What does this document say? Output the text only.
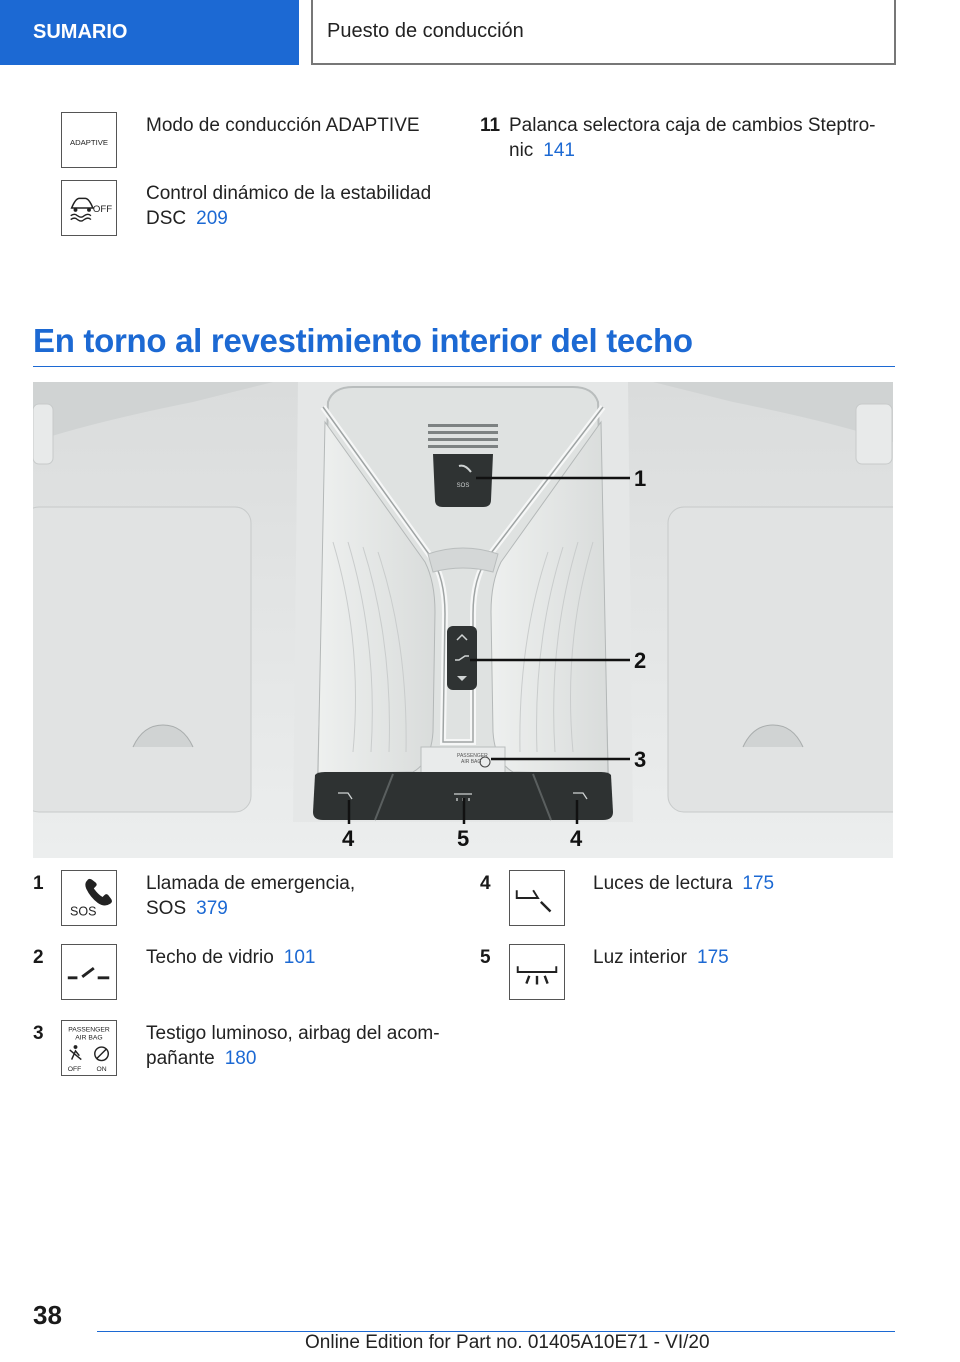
SUMARIO	Puesto de conducción
ADAPTIVE
Modo de conducción ADAPTIVE
OFF
Control dinámico de la estabilidad DSC 209
11 Palanca selectora caja de cambios Steptro-nic 141
En torno al revestimiento interior del techo
SOS
PASSENGER
AIR BAG
1
2
3
4	5	4
1
SOS
Llamada de emergencia,
SOS 379
2	Techo de vidrio 101
3	PASSENGER
AIR BAG
OFF ON
Testigo luminoso, airbag del acom-
pañante 180
4	Luces de lectura 175
5	Luz interior 175
38
Online Edition for Part no. 01405A10E71 - VI/20
